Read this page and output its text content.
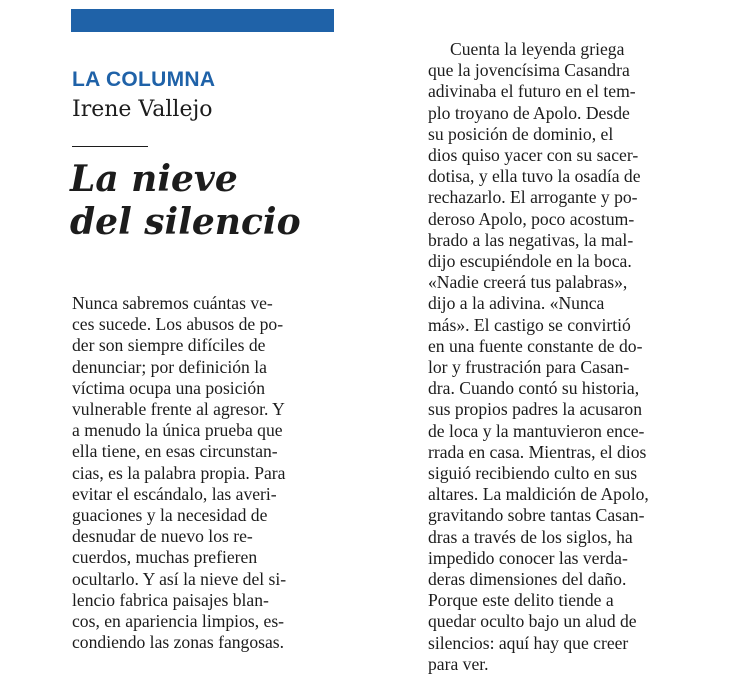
LA COLUMNA

Irene Vallejo

La nieve
del silencio
Nunca sabremos cuántas ve-
ces sucede. Los abusos de po-
der son siempre difíciles de
denunciar; por definición la
víctima ocupa una posición
vulnerable frente al agresor. Y
a menudo la única prueba que
ella tiene, en esas circunstan-
cias, es la palabra propia. Para
evitar el escándalo, las averi-
guaciones y la necesidad de
desnudar de nuevo los re-
cuerdos, muchas prefieren
ocultarlo. Y así la nieve del si-
lencio fabrica paisajes blan-
cos, en apariencia limpios, es-
condiendo las zonas fangosas.
Cuenta la leyenda griega
que la jovencísima Casandra
adivinaba el futuro en el tem-
plo troyano de Apolo. Desde
su posición de dominio, el
dios quiso yacer con su sacer-
dotisa, y ella tuvo la osadía de
rechazarlo. El arrogante y po-
deroso Apolo, poco acostum-
brado a las negativas, la mal-
dijo escupiéndole en la boca.
«Nadie creerá tus palabras»,
dijo a la adivina. «Nunca
más». El castigo se convirtió
en una fuente constante de do-
lor y frustración para Casan-
dra. Cuando contó su historia,
sus propios padres la acusaron
de loca y la mantuvieron ence-
rrada en casa. Mientras, el dios
siguió recibiendo culto en sus
altares. La maldición de Apolo,
gravitando sobre tantas Casan-
dras a través de los siglos, ha
impedido conocer las verda-
deras dimensiones del daño.
Porque este delito tiende a
quedar oculto bajo un alud de
silencios: aquí hay que creer
para ver.
